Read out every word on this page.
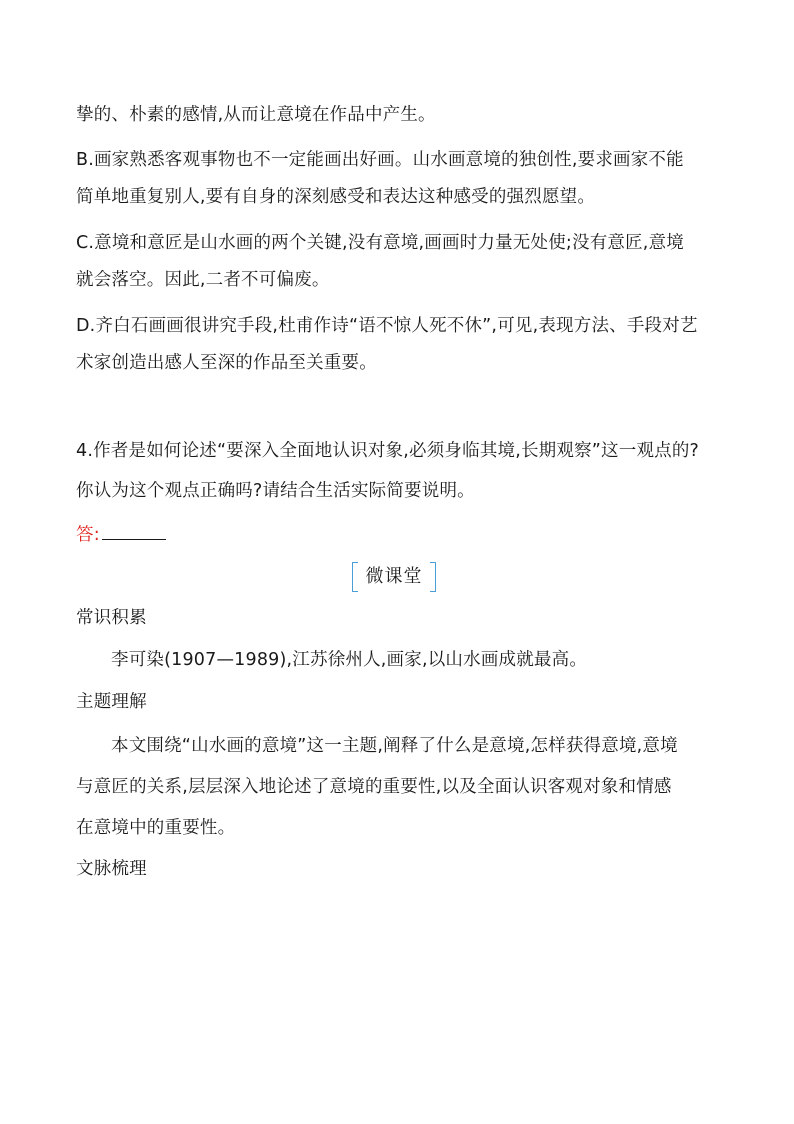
挚的、朴素的感情,从而让意境在作品中产生。
B.画家熟悉客观事物也不一定能画出好画。山水画意境的独创性,要求画家不能
简单地重复别人,要有自身的深刻感受和表达这种感受的强烈愿望。
C.意境和意匠是山水画的两个关键,没有意境,画画时力量无处使;没有意匠,意境
就会落空。因此,二者不可偏废。
D.齐白石画画很讲究手段,杜甫作诗“语不惊人死不休”,可见,表现方法、手段对艺
术家创造出感人至深的作品至关重要。
4.作者是如何论述“要深入全面地认识对象,必须身临其境,长期观察”这一观点的?
你认为这个观点正确吗?请结合生活实际简要说明。
答:
微课堂
常识积累
李可染(1907—1989),江苏徐州人,画家,以山水画成就最高。
主题理解
本文围绕“山水画的意境”这一主题,阐释了什么是意境,怎样获得意境,意境
与意匠的关系,层层深入地论述了意境的重要性,以及全面认识客观对象和情感
在意境中的重要性。
文脉梳理
